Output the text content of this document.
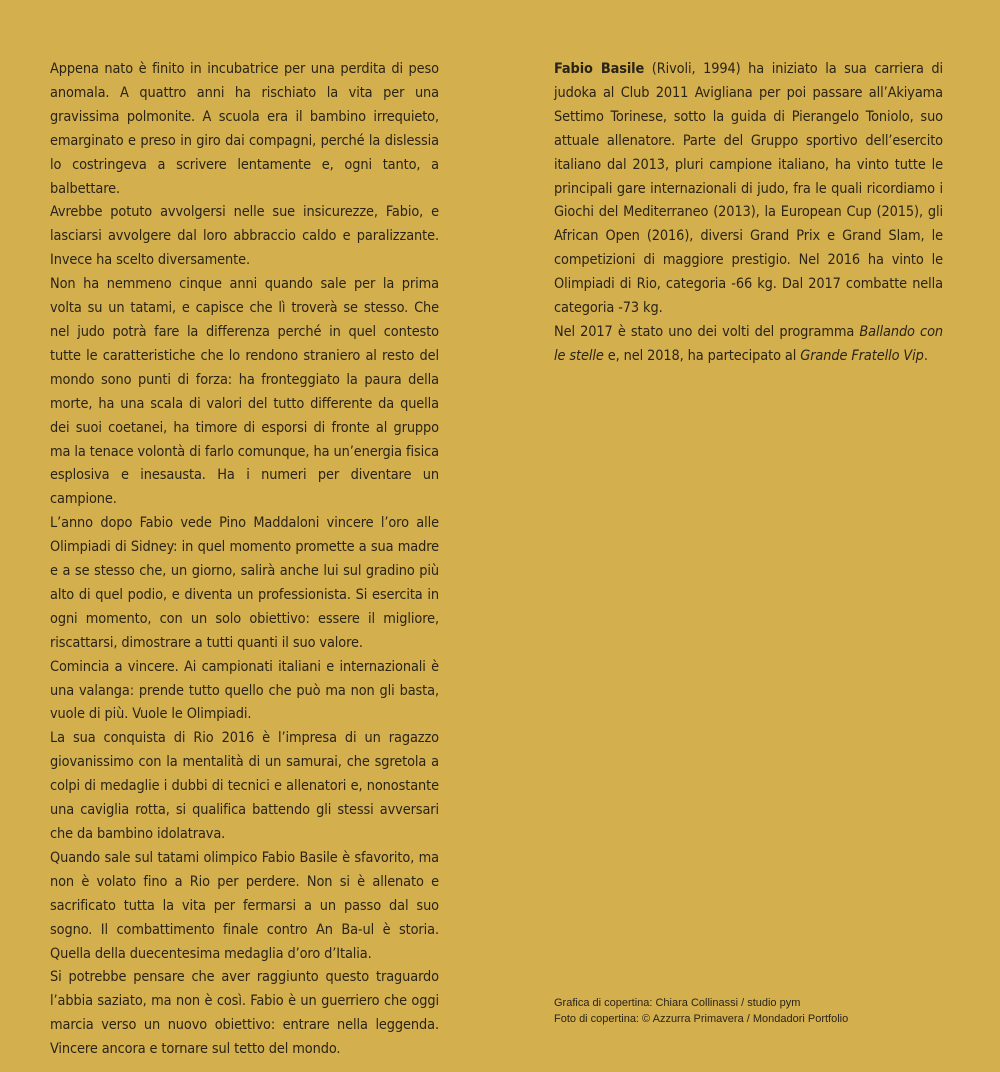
Appena nato è finito in incubatrice per una perdita di peso anomala. A quattro anni ha rischiato la vita per una gravissima polmonite. A scuola era il bambino irrequieto, emarginato e preso in giro dai compagni, perché la dislessia lo costringeva a scrivere lentamente e, ogni tanto, a balbettare.

Avrebbe potuto avvolgersi nelle sue insicurezze, Fabio, e lasciarsi avvolgere dal loro abbraccio caldo e paralizzante. Invece ha scelto diversamente.

Non ha nemmeno cinque anni quando sale per la prima volta su un tatami, e capisce che lì troverà se stesso. Che nel judo potrà fare la differenza perché in quel contesto tutte le caratteristiche che lo rendono straniero al resto del mondo sono punti di forza: ha fronteggiato la paura della morte, ha una scala di valori del tutto differente da quella dei suoi coetanei, ha timore di esporsi di fronte al gruppo ma la tenace volontà di farlo comunque, ha un’energia fisica esplosiva e inesausta. Ha i numeri per diventare un campione.

L’anno dopo Fabio vede Pino Maddaloni vincere l’oro alle Olimpiadi di Sidney: in quel momento promette a sua madre e a se stesso che, un giorno, salirà anche lui sul gradino più alto di quel podio, e diventa un professionista. Si esercita in ogni momento, con un solo obiettivo: essere il migliore, riscattarsi, dimostrare a tutti quanti il suo valore.

Comincia a vincere. Ai campionati italiani e internazionali è una valanga: prende tutto quello che può ma non gli basta, vuole di più. Vuole le Olimpiadi.

La sua conquista di Rio 2016 è l’impresa di un ragazzo giovanissimo con la mentalità di un samurai, che sgretola a colpi di medaglie i dubbi di tecnici e allenatori e, nonostante una caviglia rotta, si qualifica battendo gli stessi avversari che da bambino idolatrava.

Quando sale sul tatami olimpico Fabio Basile è sfavorito, ma non è volato fino a Rio per perdere. Non si è allenato e sacrificato tutta la vita per fermarsi a un passo dal suo sogno. Il combattimento finale contro An Ba-ul è storia. Quella della duecentesima medaglia d’oro d’Italia.

Si potrebbe pensare che aver raggiunto questo traguardo l’abbia saziato, ma non è così. Fabio è un guerriero che oggi marcia verso un nuovo obiettivo: entrare nella leggenda. Vincere ancora e tornare sul tetto del mondo.

Fabio Basile (Rivoli, 1994) ha iniziato la sua carriera di judoka al Club 2011 Avigliana per poi passare all’Akiyama Settimo Torinese, sotto la guida di Pierangelo Toniolo, suo attuale allenatore. Parte del Gruppo sportivo dell’esercito italiano dal 2013, pluri campione italiano, ha vinto tutte le principali gare internazionali di judo, fra le quali ricordiamo i Giochi del Mediterraneo (2013), la European Cup (2015), gli African Open (2016), diversi Grand Prix e Grand Slam, le competizioni di maggiore prestigio. Nel 2016 ha vinto le Olimpiadi di Rio, categoria -66 kg. Dal 2017 combatte nella categoria -73 kg.

Nel 2017 è stato uno dei volti del programma Ballando con le stelle e, nel 2018, ha partecipato al Grande Fratello Vip.

Grafica di copertina: Chiara Collinassi / studio pym
Foto di copertina: © Azzurra Primavera / Mondadori Portfolio
